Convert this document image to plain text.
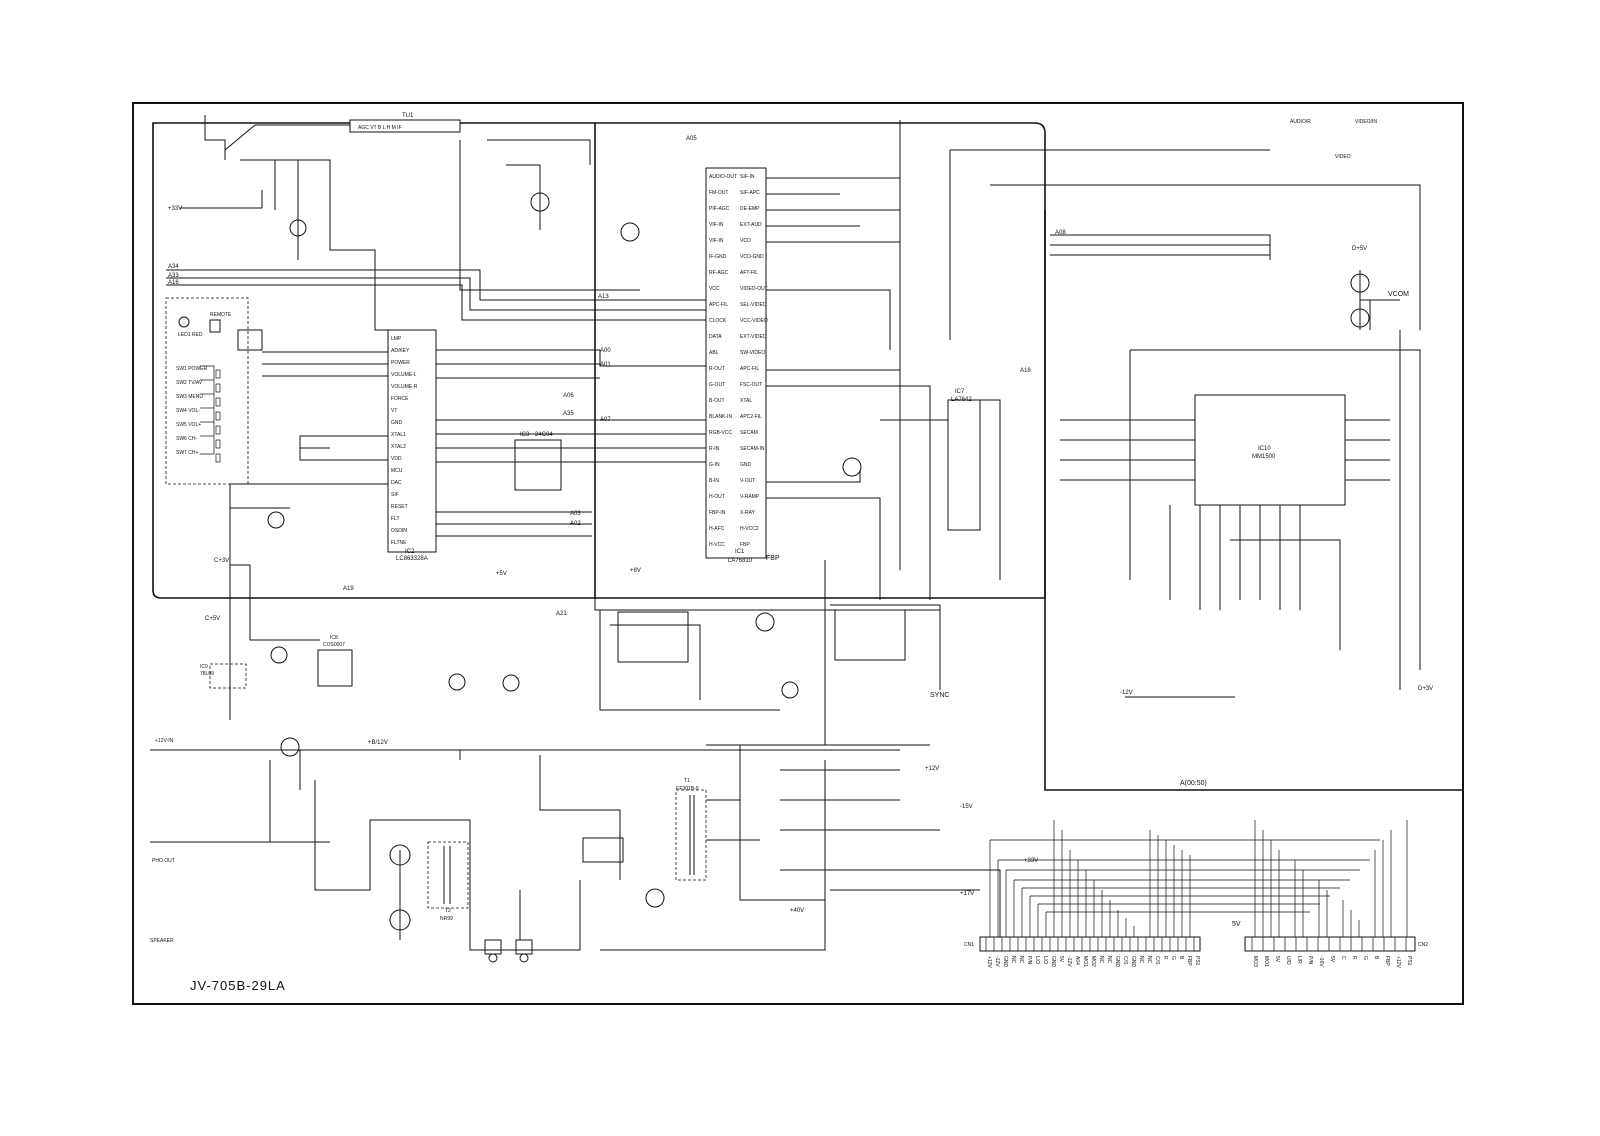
TU1
AGC VT B L H M IF
LC863328A
IC2
LMP
AD/KEY
POWER
VOLUME-L
VOLUME-R
FORCE
VT
GND
XTAL1
XTAL2
VDD
MCU
DAC
SIF
RESET
FLT
OSDIN
FLTNE
IC3 24C04
IC1
LA76810 FBP
AUDIO-OUT
FM-OUT
PIF-AGC
VIF-IN
VIF-IN
IF-GND
RF-AGC
VCC
APC-FIL
CLOCK
DATA
ABL
R-OUT
G-OUT
B-OUT
BLANK-IN
RGB-VCC
R-IN
G-IN
B-IN
H-OUT
FBP-IN
H-AFC
H-VCC
SIF-IN
SIF-APC
DE-EMP
EXT-AUD
VCO
VCO-GND
AFT-FIL
VIDEO-OUT
SEL-VIDEO
VCC-VIDEO
EXT-VIDEO
SW-VIDEO
APC-FIL
FSC-OUT
XTAL
APC2-FIL
SECAM
SECAM-IN
GND
V-OUT
V-RAMP
X-RAY
H-VCC2
FBP
IC7
LA7642
IC10
MM1500
IC8
COS0007
IC9
78L09
LED1 RED
REMOTE
SW1 POWER
SW2 TV/AV
SW3 MENU
SW4 VOL-
SW5 VOL+
SW6 CH-
SW7 CH+
T1
EF301B-9
T2
NR99
CN1
+12V -12V GND NC NC P/N L/O L/O GND 5V -12V A04 MO1 MO2 NC NC GND C/S GND NC NC C/S R G B FBP PS1
CN2
MO3 MO1 5V U/D L/R P/N -16V 5V C R G B FBP +12V PS1
+33V
+5V	+8V
+12V
-12V
+17V
+40V
-15V
D+5V
D+3V
C+5V
C+3V
+B/12V
+33V
A00
A01
A02
A03
A05
A06
A07
A08
A13
A16
A18
A19
A21
A33
A34
A35
AUDIO/R	VIDEO/IN
PHO.OUT
SPEAKER
+12V-IN
VIDEO
VCOM
SYNC
5V
A(00:50)
JV-705B-29LA
